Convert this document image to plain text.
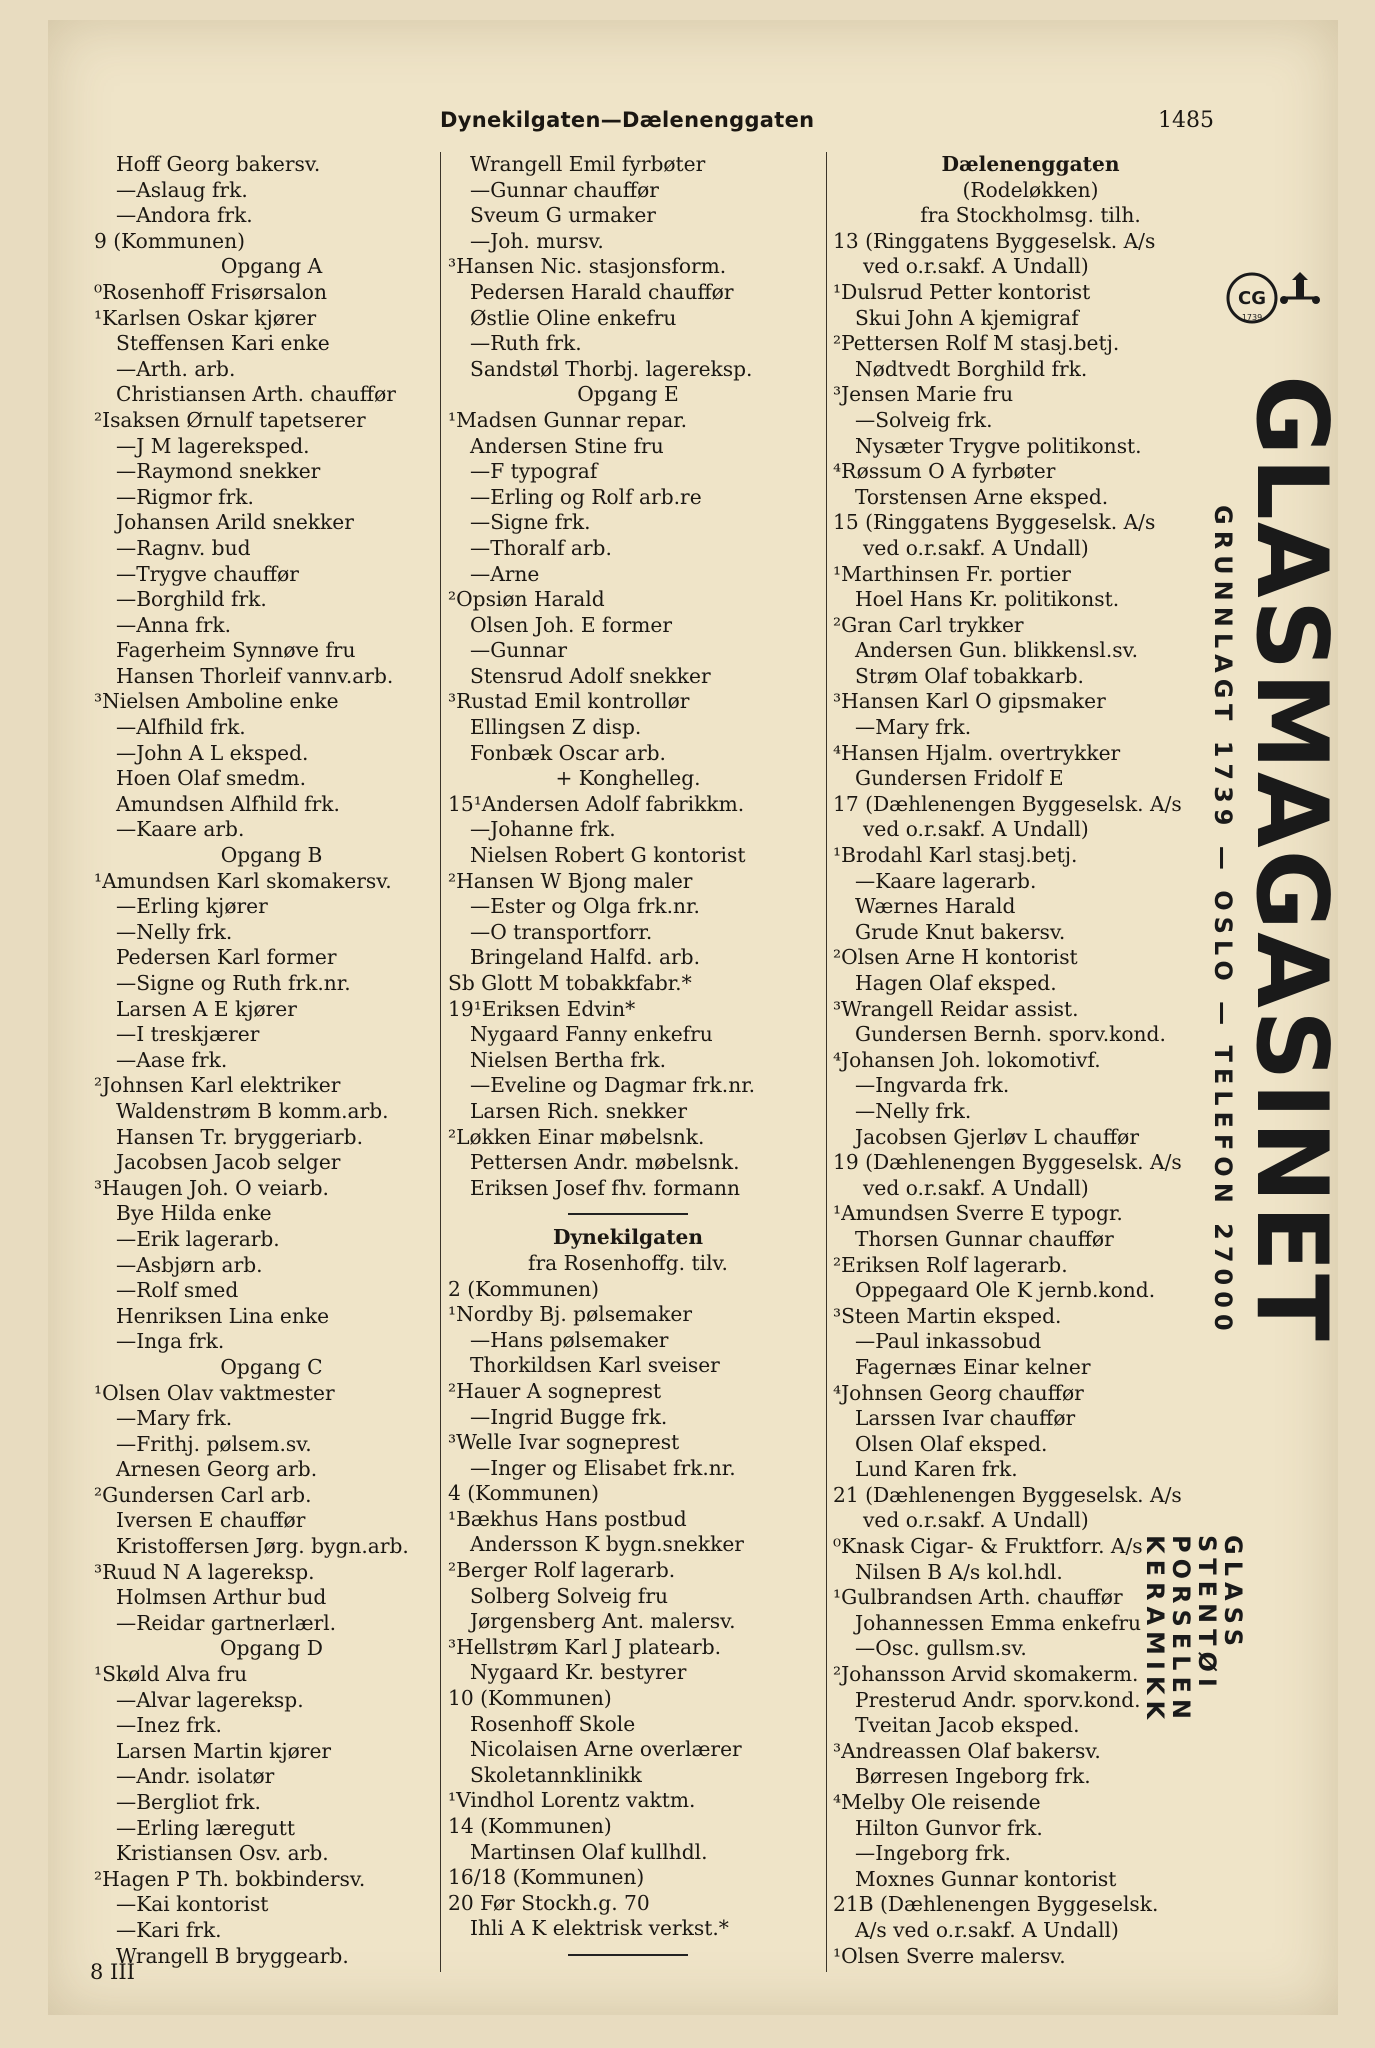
Dynekilgaten—Dælenenggaten	1485
Hoff Georg bakersv.
—Aslaug frk.
—Andora frk.
9 (Kommunen)
Opgang A
⁰Rosenhoff Frisørsalon
¹Karlsen Oskar kjører
Steffensen Kari enke
—Arth. arb.
Christiansen Arth. chauffør
²Isaksen Ørnulf tapetserer
—J M lagereksped.
—Raymond snekker
—Rigmor frk.
Johansen Arild snekker
—Ragnv. bud
—Trygve chauffør
—Borghild frk.
—Anna frk.
Fagerheim Synnøve fru
Hansen Thorleif vannv.arb.
³Nielsen Amboline enke
—Alfhild frk.
—John A L eksped.
Hoen Olaf smedm.
Amundsen Alfhild frk.
—Kaare arb.
Opgang B
¹Amundsen Karl skomakersv.
—Erling kjører
—Nelly frk.
Pedersen Karl former
—Signe og Ruth frk.nr.
Larsen A E kjører
—I treskjærer
—Aase frk.
²Johnsen Karl elektriker
Waldenstrøm B komm.arb.
Hansen Tr. bryggeriarb.
Jacobsen Jacob selger
³Haugen Joh. O veiarb.
Bye Hilda enke
—Erik lagerarb.
—Asbjørn arb.
—Rolf smed
Henriksen Lina enke
—Inga frk.
Opgang C
¹Olsen Olav vaktmester
—Mary frk.
—Frithj. pølsem.sv.
Arnesen Georg arb.
²Gundersen Carl arb.
Iversen E chauffør
Kristoffersen Jørg. bygn.arb.
³Ruud N A lagereksp.
Holmsen Arthur bud
—Reidar gartnerlærl.
Opgang D
¹Skøld Alva fru
—Alvar lagereksp.
—Inez frk.
Larsen Martin kjører
—Andr. isolatør
—Bergliot frk.
—Erling læregutt
Kristiansen Osv. arb.
²Hagen P Th. bokbindersv.
—Kai kontorist
—Kari frk.
Wrangell B bryggearb.
Wrangell Emil fyrbøter
—Gunnar chauffør
Sveum G urmaker
—Joh. mursv.
³Hansen Nic. stasjonsform.
Pedersen Harald chauffør
Østlie Oline enkefru
—Ruth frk.
Sandstøl Thorbj. lagereksp.
Opgang E
¹Madsen Gunnar repar.
Andersen Stine fru
—F typograf
—Erling og Rolf arb.re
—Signe frk.
—Thoralf arb.
—Arne
²Opsiøn Harald
Olsen Joh. E former
—Gunnar
Stensrud Adolf snekker
³Rustad Emil kontrollør
Ellingsen Z disp.
Fonbæk Oscar arb.
+ Konghelleg.
15¹Andersen Adolf fabrikkm.
—Johanne frk.
Nielsen Robert G kontorist
²Hansen W Bjong maler
—Ester og Olga frk.nr.
—O transportforr.
Bringeland Halfd. arb.
Sb Glott M tobakkfabr.*
19¹Eriksen Edvin*
Nygaard Fanny enkefru
Nielsen Bertha frk.
—Eveline og Dagmar frk.nr.
Larsen Rich. snekker
²Løkken Einar møbelsnk.
Pettersen Andr. møbelsnk.
Eriksen Josef fhv. formann
Dynekilgaten
fra Rosenhoffg. tilv.
2 (Kommunen)
¹Nordby Bj. pølsemaker
—Hans pølsemaker
Thorkildsen Karl sveiser
²Hauer A sogneprest
—Ingrid Bugge frk.
³Welle Ivar sogneprest
—Inger og Elisabet frk.nr.
4 (Kommunen)
¹Bækhus Hans postbud
Andersson K bygn.snekker
²Berger Rolf lagerarb.
Solberg Solveig fru
Jørgensberg Ant. malersv.
³Hellstrøm Karl J platearb.
Nygaard Kr. bestyrer
10 (Kommunen)
Rosenhoff Skole
Nicolaisen Arne overlærer
Skoletannklinikk
¹Vindhol Lorentz vaktm.
14 (Kommunen)
Martinsen Olaf kullhdl.
16/18 (Kommunen)
20 Før Stockh.g. 70
Ihli A K elektrisk verkst.*
Dælenenggaten
(Rodeløkken)
fra Stockholmsg. tilh.
13 (Ringgatens Byggeselsk. A/s
ved o.r.sakf. A Undall)
¹Dulsrud Petter kontorist
Skui John A kjemigraf
²Pettersen Rolf M stasj.betj.
Nødtvedt Borghild frk.
³Jensen Marie fru
—Solveig frk.
Nysæter Trygve politikonst.
⁴Røssum O A fyrbøter
Torstensen Arne eksped.
15 (Ringgatens Byggeselsk. A/s
ved o.r.sakf. A Undall)
¹Marthinsen Fr. portier
Hoel Hans Kr. politikonst.
²Gran Carl trykker
Andersen Gun. blikkensl.sv.
Strøm Olaf tobakkarb.
³Hansen Karl O gipsmaker
—Mary frk.
⁴Hansen Hjalm. overtrykker
Gundersen Fridolf E
17 (Dæhlenengen Byggeselsk. A/s
ved o.r.sakf. A Undall)
¹Brodahl Karl stasj.betj.
—Kaare lagerarb.
Wærnes Harald
Grude Knut bakersv.
²Olsen Arne H kontorist
Hagen Olaf eksped.
³Wrangell Reidar assist.
Gundersen Bernh. sporv.kond.
⁴Johansen Joh. lokomotivf.
—Ingvarda frk.
—Nelly frk.
Jacobsen Gjerløv L chauffør
19 (Dæhlenengen Byggeselsk. A/s
ved o.r.sakf. A Undall)
¹Amundsen Sverre E typogr.
Thorsen Gunnar chauffør
²Eriksen Rolf lagerarb.
Oppegaard Ole K jernb.kond.
³Steen Martin eksped.
—Paul inkassobud
Fagernæs Einar kelner
⁴Johnsen Georg chauffør
Larssen Ivar chauffør
Olsen Olaf eksped.
Lund Karen frk.
21 (Dæhlenengen Byggeselsk. A/s
ved o.r.sakf. A Undall)
⁰Knask Cigar- & Fruktforr. A/s
Nilsen B A/s kol.hdl.
¹Gulbrandsen Arth. chauffør
Johannessen Emma enkefru
—Osc. gullsm.sv.
²Johansson Arvid skomakerm.
Presterud Andr. sporv.kond.
Tveitan Jacob eksped.
³Andreassen Olaf bakersv.
Børresen Ingeborg frk.
⁴Melby Ole reisende
Hilton Gunvor frk.
—Ingeborg frk.
Moxnes Gunnar kontorist
21B (Dæhlenengen Byggeselsk.
A/s ved o.r.sakf. A Undall)
¹Olsen Sverre malersv.
8 III
CG
1739
GRUNNLAGT 1739 — OSLO — TELEFON 27000
GLASMAGASINET
GLASS
STENTØI
PORSELEN
KERAMIKK
